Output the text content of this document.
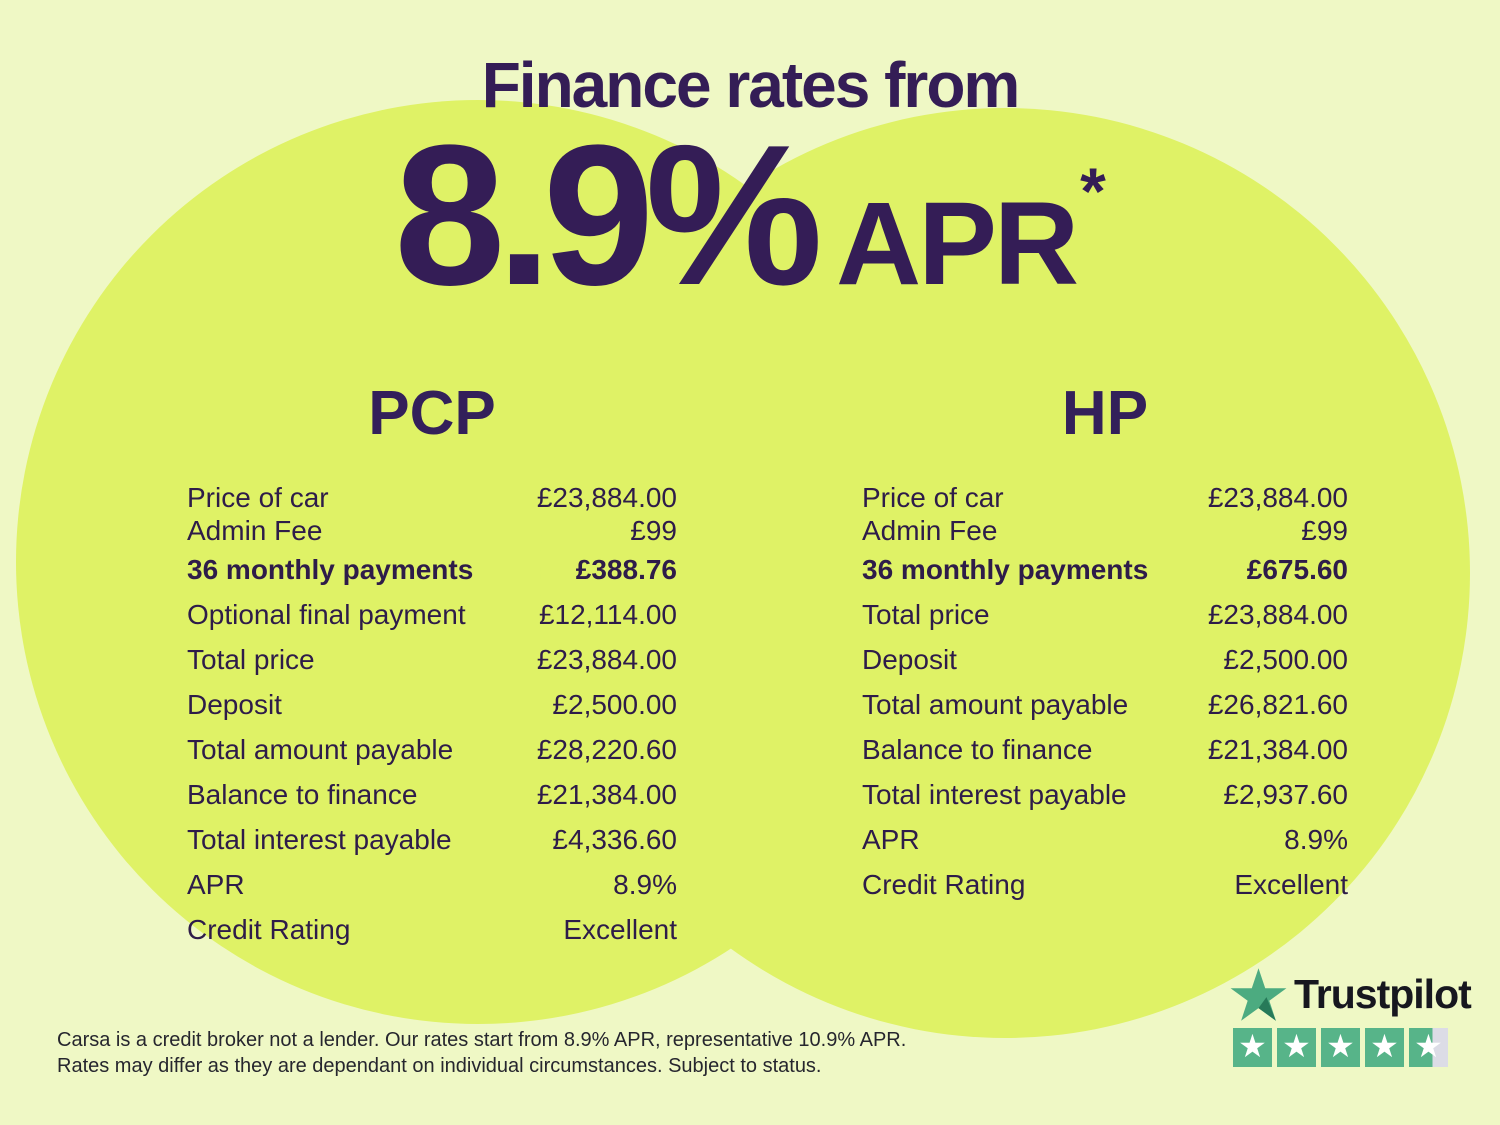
Finance rates from
8.9% APR *
PCP
Price of car	£23,884.00
Admin Fee	£99
36 monthly payments	£388.76
Optional final payment	£12,114.00
Total price	£23,884.00
Deposit	£2,500.00
Total amount payable	£28,220.60
Balance to finance	£21,384.00
Total interest payable	£4,336.60
APR	8.9%
Credit Rating	Excellent
HP
Price of car	£23,884.00
Admin Fee	£99
36 monthly payments	£675.60
Total price	£23,884.00
Deposit	£2,500.00
Total amount payable	£26,821.60
Balance to finance	£21,384.00
Total interest payable	£2,937.60
APR	8.9%
Credit Rating	Excellent

Carsa is a credit broker not a lender. Our rates start from 8.9% APR, representative 10.9% APR.
Rates may differ as they are dependant on individual circumstances. Subject to status.

Trustpilot
★ ★ ★ ★ ★
